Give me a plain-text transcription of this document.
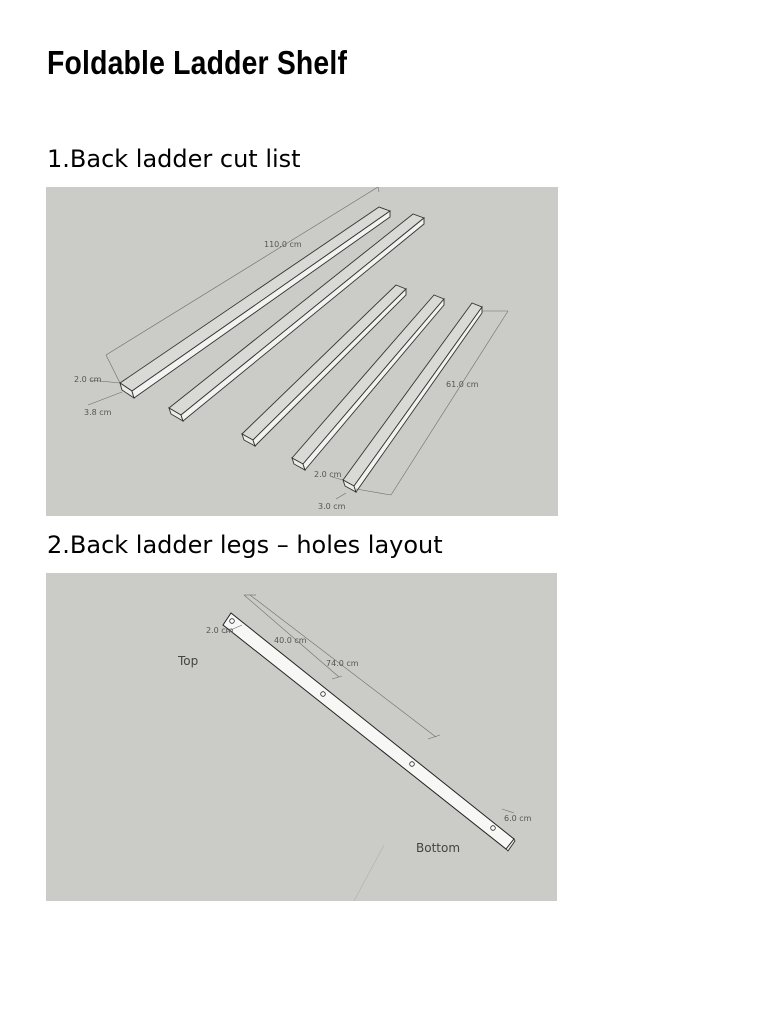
Foldable Ladder Shelf
1.Back ladder cut list
110.0 cm
61.0 cm
2.0 cm
3.8 cm
2.0 cm
3.0 cm
2.Back ladder legs – holes layout
2.0 cm
40.0 cm
74.0 cm
6.0 cm
Top
Bottom
